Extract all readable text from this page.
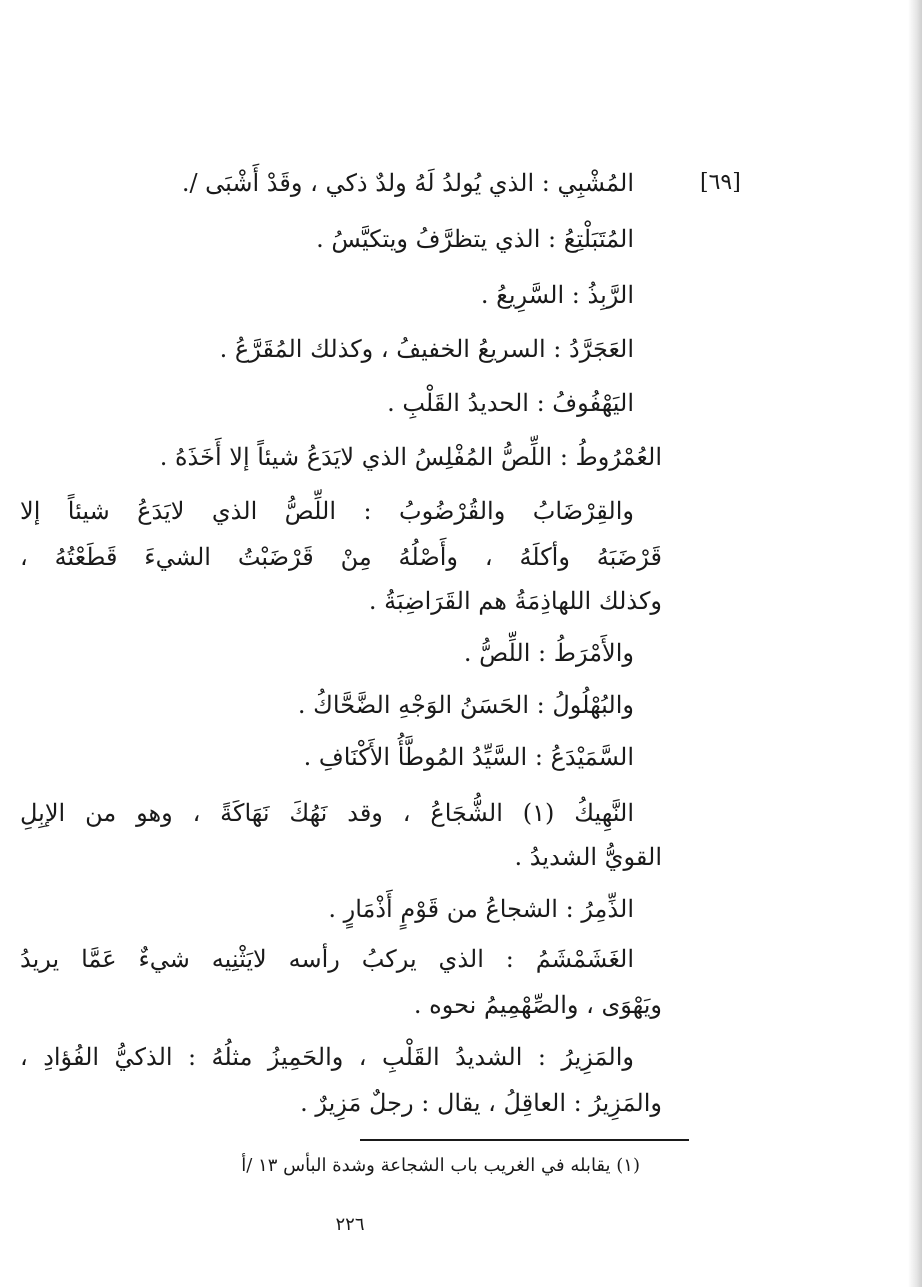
[٦٩]
المُشْبِي : الذي يُولدُ لَهُ ولدٌ ذكي ، وقَدْ أَشْبَى /.
المُتَبَلْتِعُ : الذي يتظرَّفُ ويتكيَّسُ .
الرَّبِذُ : السَّرِيعُ .
العَجَرَّدُ : السريعُ الخفيفُ ، وكذلك المُقَرَّعُ .
اليَهْفُوفُ : الحديدُ القَلْبِ .
العُمْرُوطُ : اللِّصُّ المُفْلِسُ الذي لايَدَعُ شيئاً إلا أَخَذَهُ .
والقِرْضَابُ والقُرْضُوبُ : اللِّصُّ الذي لايَدَعُ شيئاً إلا
قَرْضَبَهُ وأكلَهُ ، وأَصْلُهُ مِنْ قَرْضَبْتُ الشيءَ قَطَعْتُهُ ،
وكذلك اللهاذِمَةُ هم القَرَاضِبَةُ .
والأَمْرَطُ : اللِّصُّ .
والبُهْلُولُ : الحَسَنُ الوَجْهِ الضَّحَّاكُ .
السَّمَيْدَعُ : السَّيِّدُ المُوطَّأُ الأَكْنَافِ .
النَّهِيكُ (١) الشُّجَاعُ ، وقد نَهُكَ نَهَاكَةً ، وهو من الإبِلِ
القويُّ الشديدُ .
الذِّمِرُ : الشجاعُ من قَوْمٍ أَذْمَارٍ .
الغَشَمْشَمُ : الذي يركبُ رأسه لايَثْنِيه شيءٌ عَمَّا يريدُ
ويَهْوَى ، والصِّهْمِيمُ نحوه .
والمَزِيرُ : الشديدُ القَلْبِ ، والحَمِيزُ مثلُهُ : الذكيُّ الفُؤادِ ،
والمَزِيرُ : العاقِلُ ، يقال : رجلٌ مَزِيرٌ .
(١) يقابله في الغريب باب الشجاعة وشدة البأس ١٣ /أ
٢٢٦
